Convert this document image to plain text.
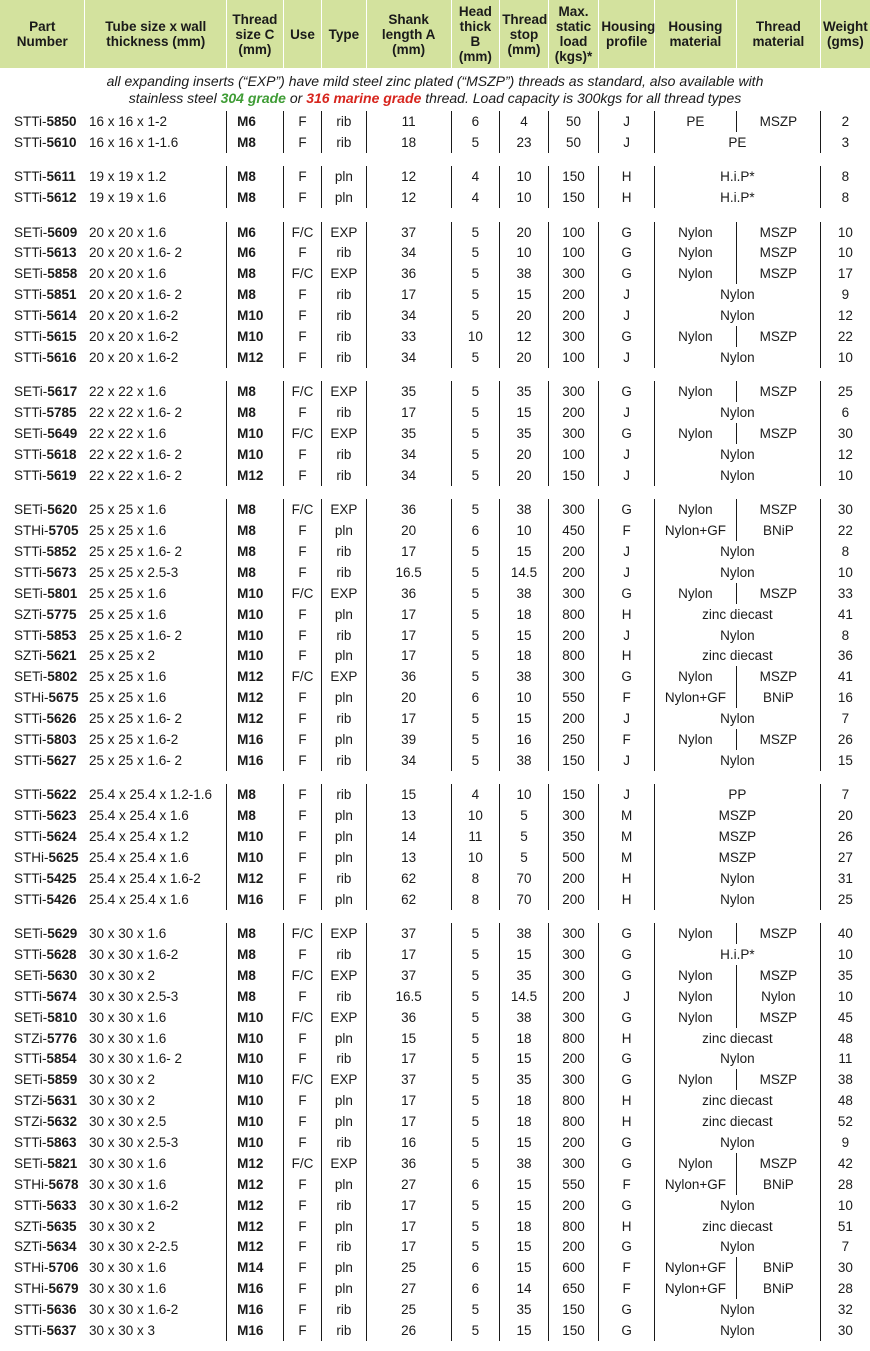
Part Number	Tube size x wall thickness (mm)	Thread size C (mm)	Use	Type	Shank length A (mm)	Head thick B (mm)	Thread stop (mm)	Max. static load (kgs)*	Housing profile	Housing material	Thread material	Weight (gms)
all expanding inserts (“EXP”) have mild steel zinc plated (“MSZP”) threads as standard, also available with
stainless steel 304 grade or 316 marine grade thread. Load capacity is 300kgs for all thread types												
STTi-5850	16 x 16 x 1-2	M6	F	rib	11	6	4	50	J	PE	MSZP	2
STTi-5610	16 x 16 x 1-1.6	M8	F	rib	18	5	23	50	J	PE		3

STTi-5611	19 x 19 x 1.2	M8	F	pln	12	4	10	150	H	H.i.P*		8
STTi-5612	19 x 19 x 1.6	M8	F	pln	12	4	10	150	H	H.i.P*		8

SETi-5609	20 x 20 x 1.6	M6	F/C	EXP	37	5	20	100	G	Nylon	MSZP	10
STTi-5613	20 x 20 x 1.6- 2	M6	F	rib	34	5	10	100	G	Nylon	MSZP	10
SETi-5858	20 x 20 x 1.6	M8	F/C	EXP	36	5	38	300	G	Nylon	MSZP	17
STTi-5851	20 x 20 x 1.6- 2	M8	F	rib	17	5	15	200	J	Nylon		9
STTi-5614	20 x 20 x 1.6-2	M10	F	rib	34	5	20	200	J	Nylon		12
STTi-5615	20 x 20 x 1.6-2	M10	F	rib	33	10	12	300	G	Nylon	MSZP	22
STTi-5616	20 x 20 x 1.6-2	M12	F	rib	34	5	20	100	J	Nylon		10

SETi-5617	22 x 22 x 1.6	M8	F/C	EXP	35	5	35	300	G	Nylon	MSZP	25
STTi-5785	22 x 22 x 1.6- 2	M8	F	rib	17	5	15	200	J	Nylon		6
SETi-5649	22 x 22 x 1.6	M10	F/C	EXP	35	5	35	300	G	Nylon	MSZP	30
STTi-5618	22 x 22 x 1.6- 2	M10	F	rib	34	5	20	100	J	Nylon		12
STTi-5619	22 x 22 x 1.6- 2	M12	F	rib	34	5	20	150	J	Nylon		10

SETi-5620	25 x 25 x 1.6	M8	F/C	EXP	36	5	38	300	G	Nylon	MSZP	30
STHi-5705	25 x 25 x 1.6	M8	F	pln	20	6	10	450	F	Nylon+GF	BNiP	22
STTi-5852	25 x 25 x 1.6- 2	M8	F	rib	17	5	15	200	J	Nylon		8
STTi-5673	25 x 25 x 2.5-3	M8	F	rib	16.5	5	14.5	200	J	Nylon		10
SETi-5801	25 x 25 x 1.6	M10	F/C	EXP	36	5	38	300	G	Nylon	MSZP	33
SZTi-5775	25 x 25 x 1.6	M10	F	pln	17	5	18	800	H	zinc diecast		41
STTi-5853	25 x 25 x 1.6- 2	M10	F	rib	17	5	15	200	J	Nylon		8
SZTi-5621	25 x 25 x 2	M10	F	pln	17	5	18	800	H	zinc diecast		36
SETi-5802	25 x 25 x 1.6	M12	F/C	EXP	36	5	38	300	G	Nylon	MSZP	41
STHi-5675	25 x 25 x 1.6	M12	F	pln	20	6	10	550	F	Nylon+GF	BNiP	16
STTi-5626	25 x 25 x 1.6- 2	M12	F	rib	17	5	15	200	J	Nylon		7
STTi-5803	25 x 25 x 1.6-2	M16	F	pln	39	5	16	250	F	Nylon	MSZP	26
STTi-5627	25 x 25 x 1.6- 2	M16	F	rib	34	5	38	150	J	Nylon		15

STTi-5622	25.4 x 25.4 x 1.2-1.6	M8	F	rib	15	4	10	150	J	PP		7
STTi-5623	25.4 x 25.4 x 1.6	M8	F	pln	13	10	5	300	M	MSZP		20
STTi-5624	25.4 x 25.4 x 1.2	M10	F	pln	14	11	5	350	M	MSZP		26
STHi-5625	25.4 x 25.4 x 1.6	M10	F	pln	13	10	5	500	M	MSZP		27
STTi-5425	25.4 x 25.4 x 1.6-2	M12	F	rib	62	8	70	200	H	Nylon		31
STTi-5426	25.4 x 25.4 x 1.6	M16	F	pln	62	8	70	200	H	Nylon		25

SETi-5629	30 x 30 x 1.6	M8	F/C	EXP	37	5	38	300	G	Nylon	MSZP	40
STTi-5628	30 x 30 x 1.6-2	M8	F	rib	17	5	15	300	G	H.i.P*		10
SETi-5630	30 x 30 x 2	M8	F/C	EXP	37	5	35	300	G	Nylon	MSZP	35
STTi-5674	30 x 30 x 2.5-3	M8	F	rib	16.5	5	14.5	200	J	Nylon	Nylon	10
SETi-5810	30 x 30 x 1.6	M10	F/C	EXP	36	5	38	300	G	Nylon	MSZP	45
STZi-5776	30 x 30 x 1.6	M10	F	pln	15	5	18	800	H	zinc diecast		48
STTi-5854	30 x 30 x 1.6- 2	M10	F	rib	17	5	15	200	G	Nylon		11
SETi-5859	30 x 30 x 2	M10	F/C	EXP	37	5	35	300	G	Nylon	MSZP	38
STZi-5631	30 x 30 x 2	M10	F	pln	17	5	18	800	H	zinc diecast		48
STZi-5632	30 x 30 x 2.5	M10	F	pln	17	5	18	800	H	zinc diecast		52
STTi-5863	30 x 30 x 2.5-3	M10	F	rib	16	5	15	200	G	Nylon		9
SETi-5821	30 x 30 x 1.6	M12	F/C	EXP	36	5	38	300	G	Nylon	MSZP	42
STHi-5678	30 x 30 x 1.6	M12	F	pln	27	6	15	550	F	Nylon+GF	BNiP	28
STTi-5633	30 x 30 x 1.6-2	M12	F	rib	17	5	15	200	G	Nylon		10
SZTi-5635	30 x 30 x 2	M12	F	pln	17	5	18	800	H	zinc diecast		51
SZTi-5634	30 x 30 x 2-2.5	M12	F	rib	17	5	15	200	G	Nylon		7
STHi-5706	30 x 30 x 1.6	M14	F	pln	25	6	15	600	F	Nylon+GF	BNiP	30
STHi-5679	30 x 30 x 1.6	M16	F	pln	27	6	14	650	F	Nylon+GF	BNiP	28
STTi-5636	30 x 30 x 1.6-2	M16	F	rib	25	5	35	150	G	Nylon		32
STTi-5637	30 x 30 x 3	M16	F	rib	26	5	15	150	G	Nylon		30
